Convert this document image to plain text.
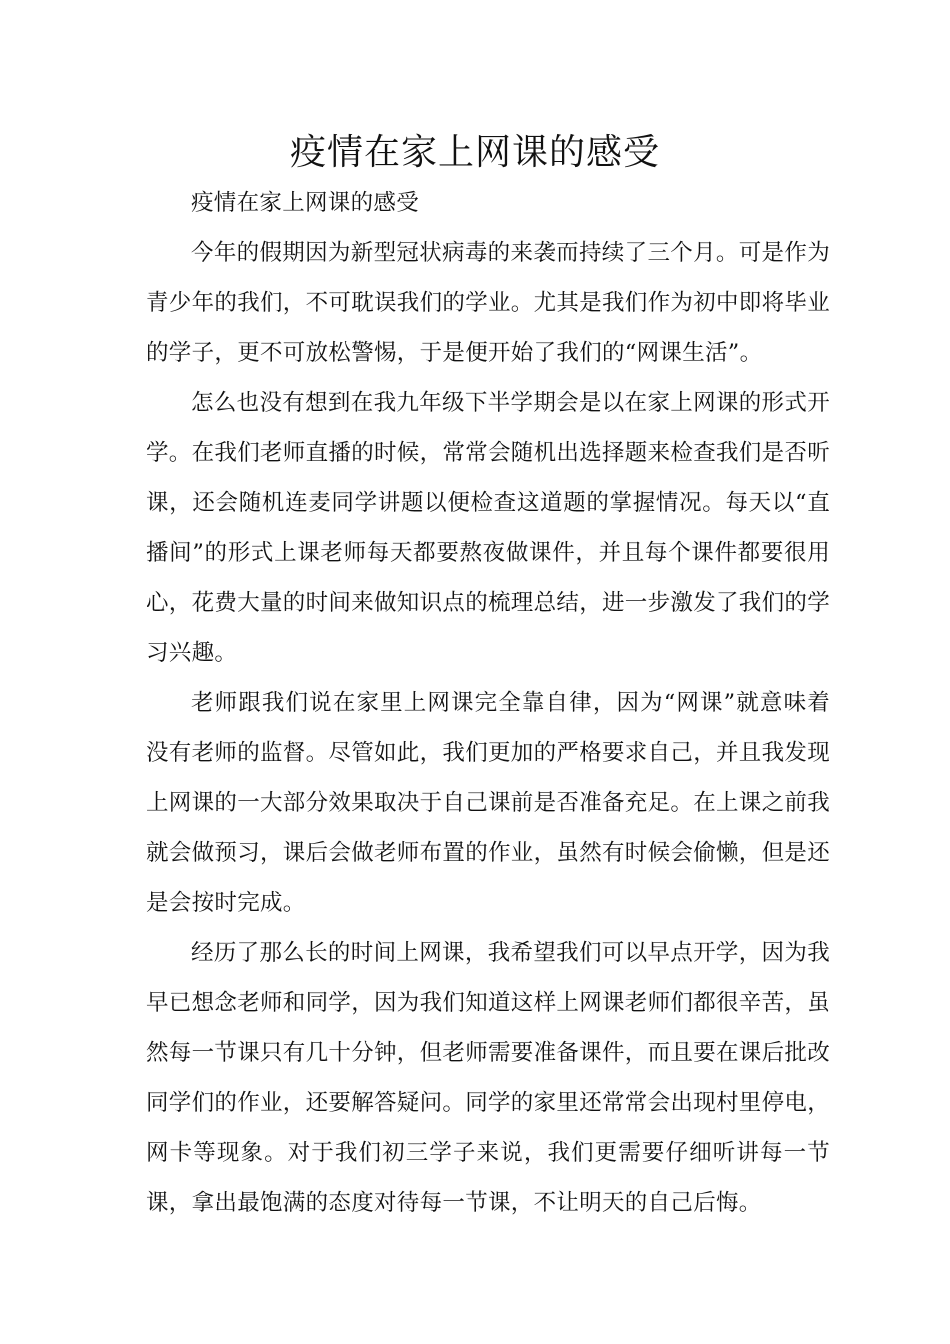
疫情在家上网课的感受

疫情在家上网课的感受

今年的假期因为新型冠状病毒的来袭而持续了三个月。可是作为青少年的我们，不可耽误我们的学业。尤其是我们作为初中即将毕业的学子，更不可放松警惕，于是便开始了我们的“网课生活”。

怎么也没有想到在我九年级下半学期会是以在家上网课的形式开学。在我们老师直播的时候，常常会随机出选择题来检查我们是否听课，还会随机连麦同学讲题以便检查这道题的掌握情况。每天以“直播间”的形式上课老师每天都要熬夜做课件，并且每个课件都要很用心，花费大量的时间来做知识点的梳理总结，进一步激发了我们的学习兴趣。

老师跟我们说在家里上网课完全靠自律，因为“网课”就意味着没有老师的监督。尽管如此，我们更加的严格要求自己，并且我发现上网课的一大部分效果取决于自己课前是否准备充足。在上课之前我就会做预习，课后会做老师布置的作业，虽然有时候会偷懒，但是还是会按时完成。

经历了那么长的时间上网课，我希望我们可以早点开学，因为我早已想念老师和同学，因为我们知道这样上网课老师们都很辛苦，虽然每一节课只有几十分钟，但老师需要准备课件，而且要在课后批改同学们的作业，还要解答疑问。同学的家里还常常会出现村里停电，网卡等现象。对于我们初三学子来说，我们更需要仔细听讲每一节课，拿出最饱满的态度对待每一节课，不让明天的自己后悔。
